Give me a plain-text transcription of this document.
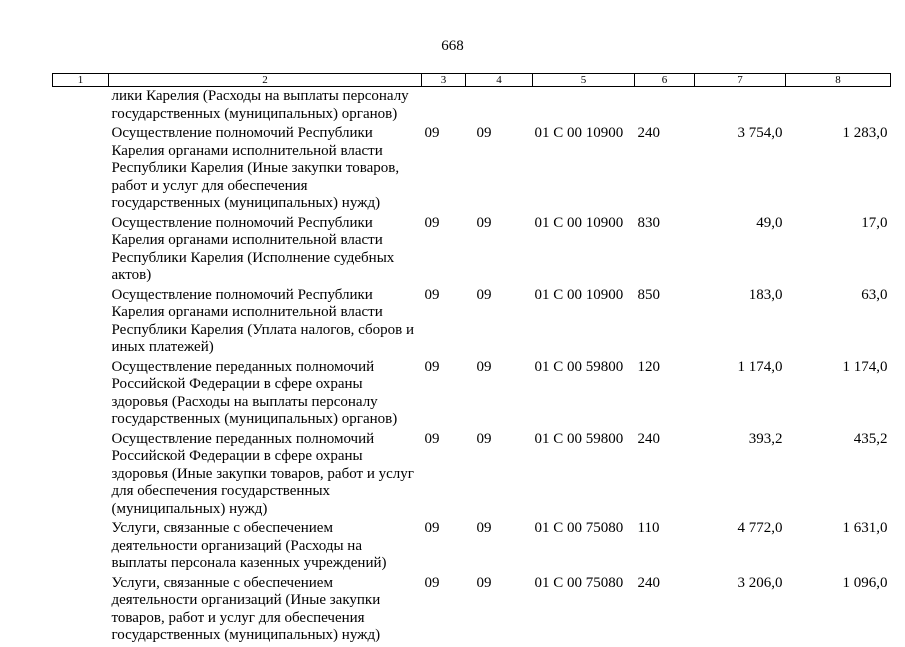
668
1	2	3	4	5	6	7	8
	лики Карелия (Расходы на выплаты персоналу государственных (муниципальных) органов)						
	Осуществление полномочий Республики Карелия органами исполнительной власти Республики Карелия (Иные закупки товаров, работ и услуг для обеспечения государственных (муниципальных) нужд)	09	09	01 С 00 10900	240	3 754,0	1 283,0
	Осуществление полномочий Республики Карелия органами исполнительной власти Республики Карелия (Исполнение судебных актов)	09	09	01 С 00 10900	830	49,0	17,0
	Осуществление полномочий Республики Карелия органами исполнительной власти Республики Карелия (Уплата налогов, сборов и иных платежей)	09	09	01 С 00 10900	850	183,0	63,0
	Осуществление переданных полномочий Российской Федерации в сфере охраны здоровья (Расходы на выплаты персоналу государственных (муниципальных) органов)	09	09	01 С 00 59800	120	1 174,0	1 174,0
	Осуществление переданных полномочий Российской Федерации в сфере охраны здоровья (Иные закупки товаров, работ и услуг для обеспечения государственных (муниципальных) нужд)	09	09	01 С 00 59800	240	393,2	435,2
	Услуги, связанные с обеспечением деятельности организаций (Расходы на выплаты персонала казенных учреждений)	09	09	01 С 00 75080	110	4 772,0	1 631,0
	Услуги, связанные с обеспечением деятельности организаций (Иные закупки товаров, работ и услуг для обеспечения государственных (муниципальных) нужд)	09	09	01 С 00 75080	240	3 206,0	1 096,0
